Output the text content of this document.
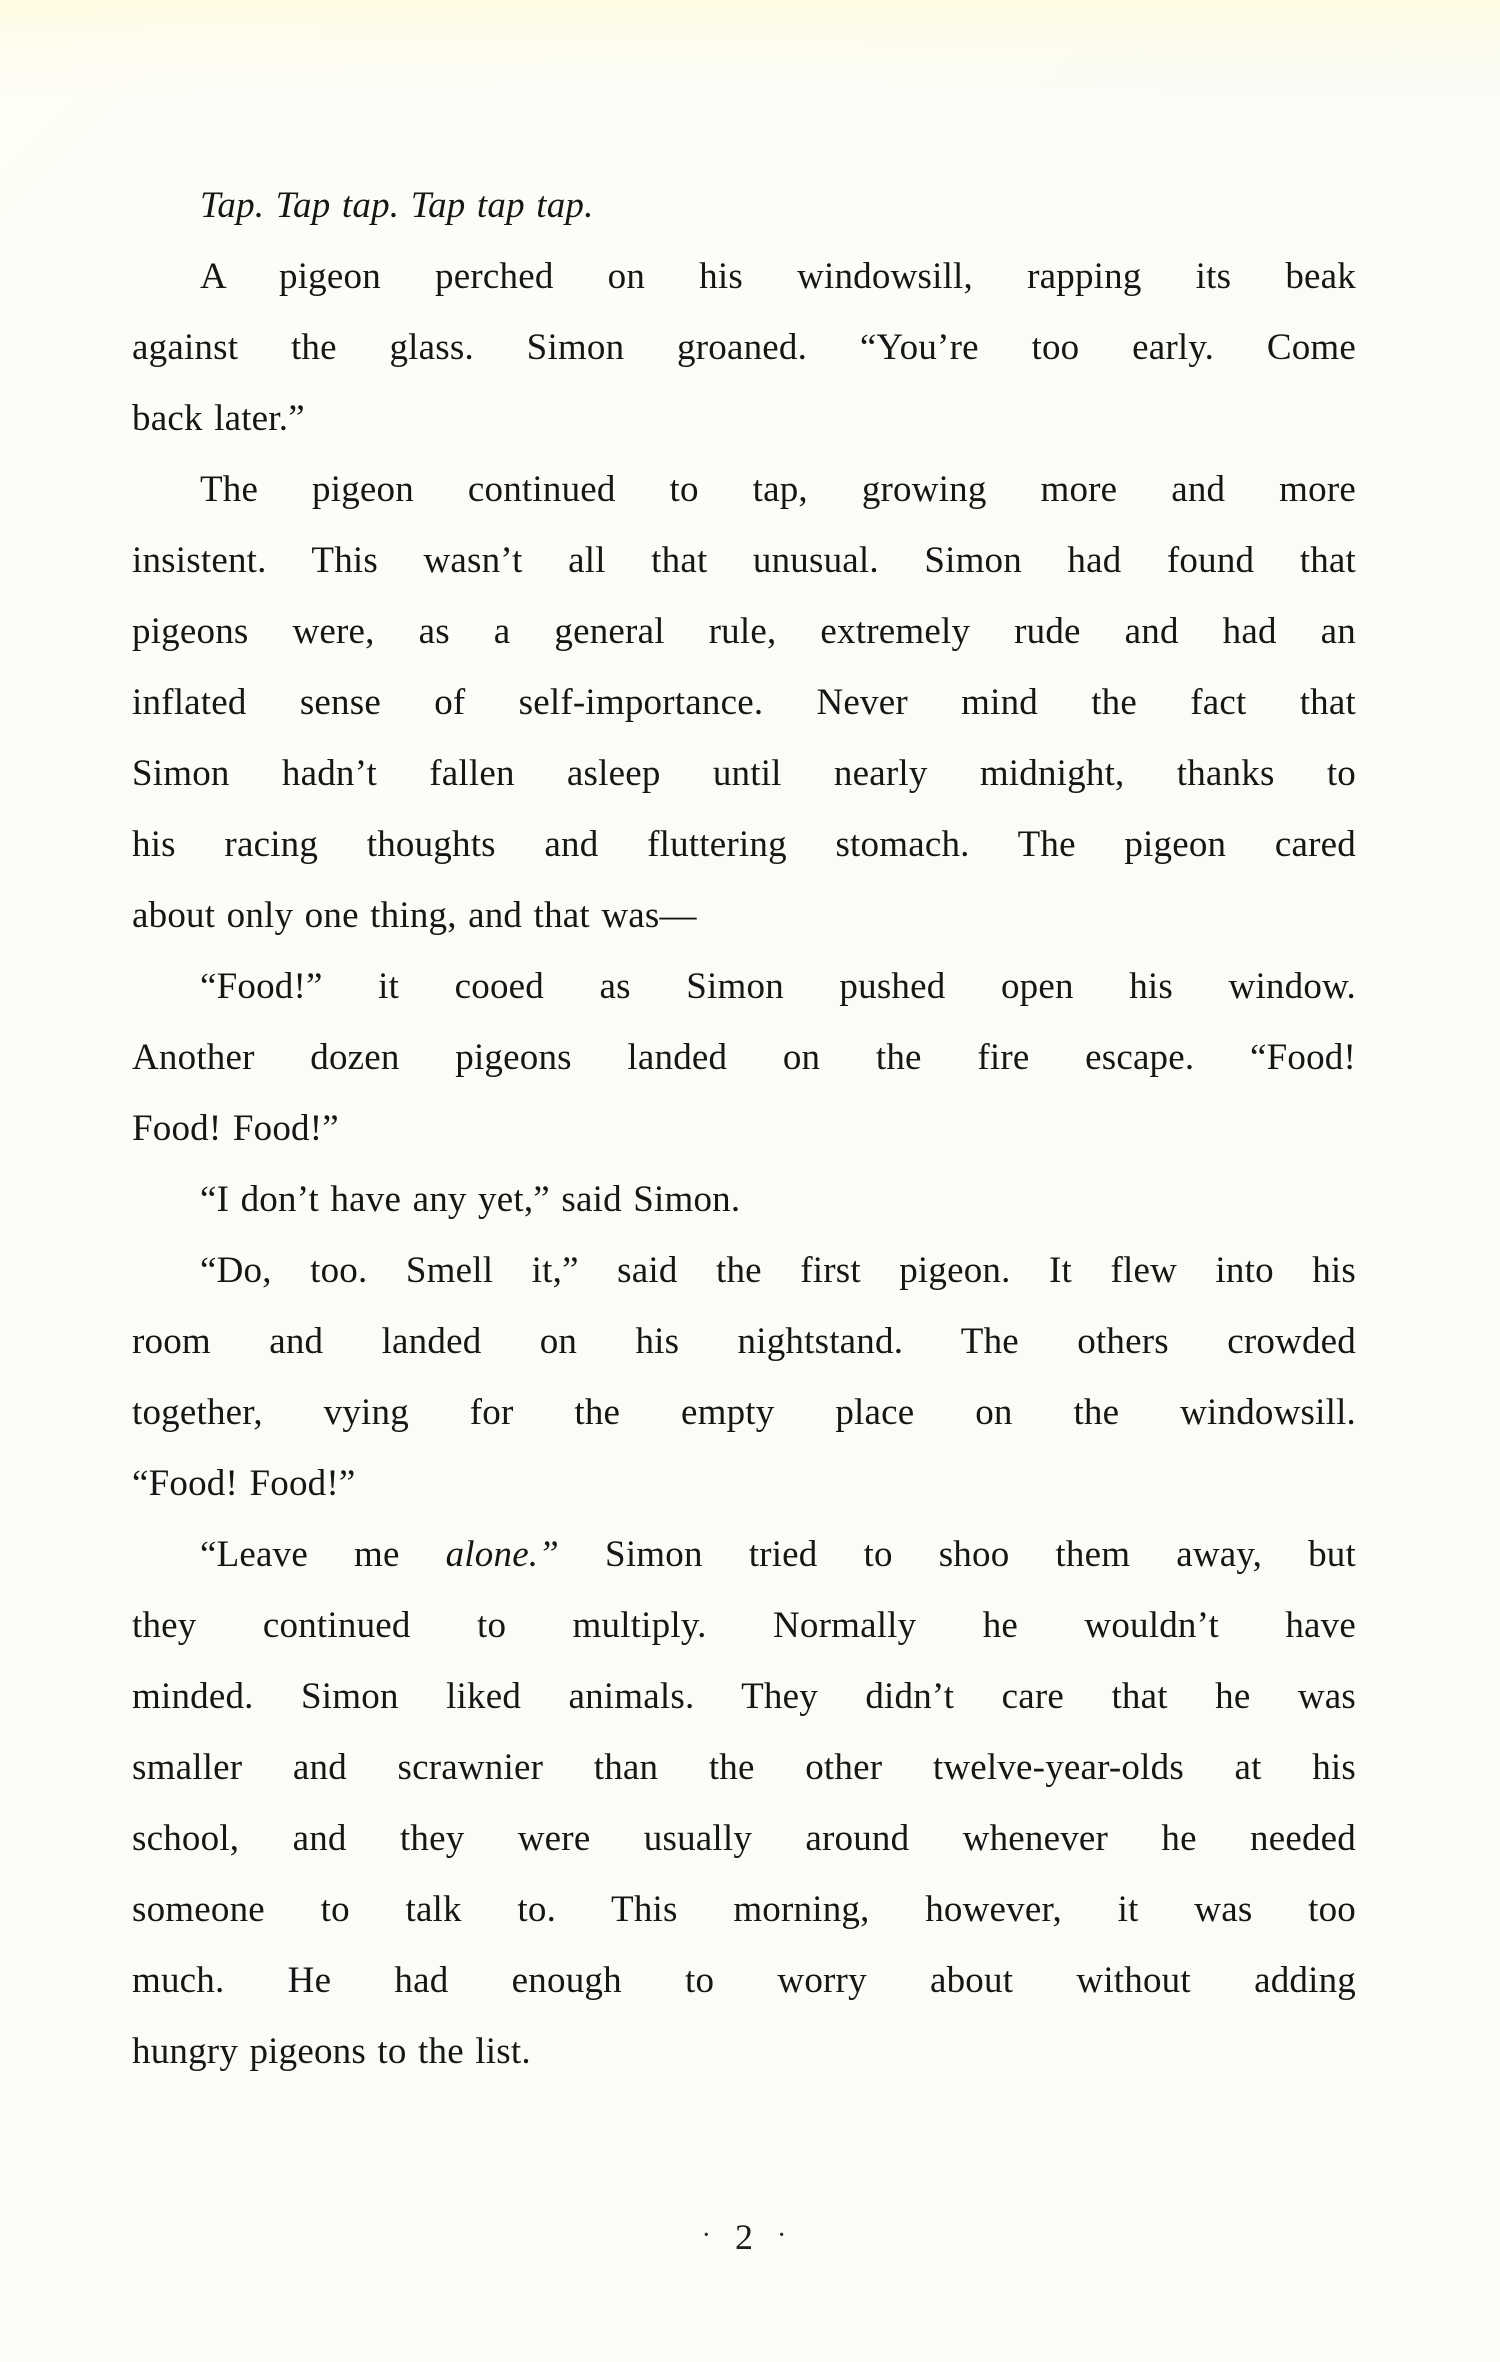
Tap. Tap tap. Tap tap tap.
A pigeon perched on his windowsill, rapping its beak
against the glass. Simon groaned. “You’re too early. Come
back later.”
The pigeon continued to tap, growing more and more
insistent. This wasn’t all that unusual. Simon had found that
pigeons were, as a general rule, extremely rude and had an
inflated sense of self-importance. Never mind the fact that
Simon hadn’t fallen asleep until nearly midnight, thanks to
his racing thoughts and fluttering stomach. The pigeon cared
about only one thing, and that was—
“Food!” it cooed as Simon pushed open his window.
Another dozen pigeons landed on the fire escape. “Food!
Food! Food!”
“I don’t have any yet,” said Simon.
“Do, too. Smell it,” said the first pigeon. It flew into his
room and landed on his nightstand. The others crowded
together, vying for the empty place on the windowsill.
“Food! Food!”
“Leave me alone.” Simon tried to shoo them away, but
they continued to multiply. Normally he wouldn’t have
minded. Simon liked animals. They didn’t care that he was
smaller and scrawnier than the other twelve-year-olds at his
school, and they were usually around whenever he needed
someone to talk to. This morning, however, it was too
much. He had enough to worry about without adding
hungry pigeons to the list.
· 2 ·
